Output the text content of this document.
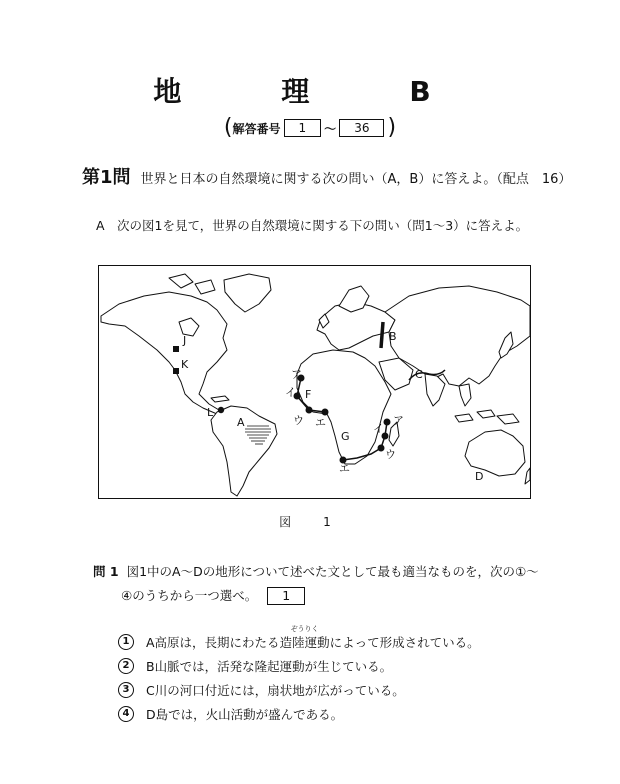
地　理　B
( 解答番号	1	～	36 )
第1問 世界と日本の自然環境に関する次の問い（A，B）に答えよ。（配点　16）
A　次の図1を見て，世界の自然環境に関する下の問い（問1～3）に答えよ。
A
B
C
D
F
G
J
K
L
ア
イ
ウ エ	ア
イ
ウ
エ
図　1
問 1 図1中のA～Dの地形について述べた文として最も適当なものを，次の①～
④のうちから一つ選べ。 1
1	A高原は，長期にわたる
ぞうりく
造陸運動 によって形成されている。
2	B山脈では，活発な隆起運動が生じている。
3	C川の河口付近には，扇状地が広がっている。
4	D島では，火山活動が盛んである。
